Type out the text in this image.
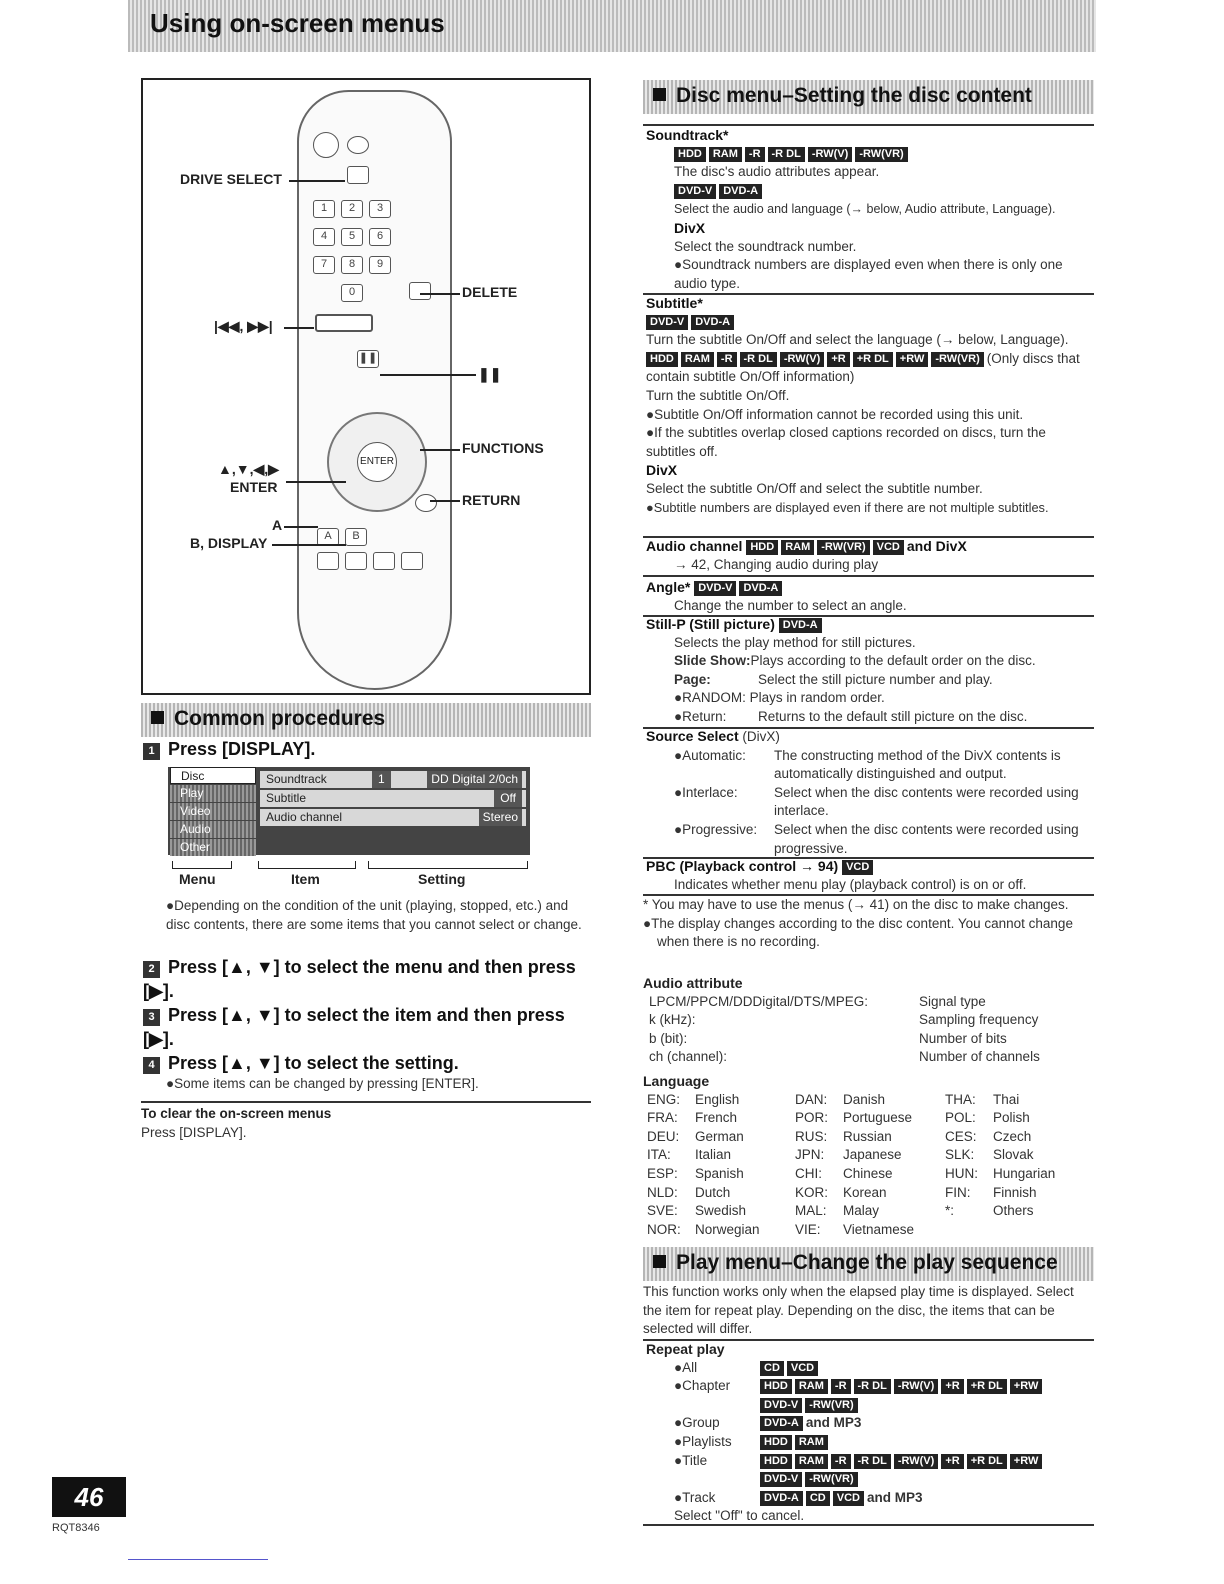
Using on-screen menus
1	2	3
4	5	6
7	8	9
0
❚❚
ENTER
A	B
DRIVE SELECT
DELETE
|◀◀, ▶▶|
❚❚
FUNCTIONS
▲,▼,◀,▶
ENTER
RETURN
A
B, DISPLAY
Common procedures
1 Press [DISPLAY].
Disc
Play
Video
Audio
Other
Soundtrack	1	DD Digital 2/0ch
Subtitle	Off
Audio channel	Stereo
Menu	Item	Setting
●Depending on the condition of the unit (playing, stopped, etc.) and disc contents, there are some items that you cannot select or change.
2 Press [▲, ▼] to select the menu and then press [▶].
3 Press [▲, ▼] to select the item and then press [▶].
4 Press [▲, ▼] to select the setting.
●Some items can be changed by pressing [ENTER].
To clear the on-screen menus
Press [DISPLAY].
Disc menu–Setting the disc content
Soundtrack*
HDD RAM -R -R DL -RW(V) -RW(VR)
The disc's audio attributes appear.
DVD-V DVD-A
Select the audio and language (→ below, Audio attribute, Language).
DivX
Select the soundtrack number.
●Soundtrack numbers are displayed even when there is only one audio type.
Subtitle*
DVD-V DVD-A
Turn the subtitle On/Off and select the language (→ below, Language).
HDD RAM -R -R DL -RW(V) +R +R DL +RW -RW(VR) (Only discs that contain subtitle On/Off information)
Turn the subtitle On/Off.
●Subtitle On/Off information cannot be recorded using this unit.
●If the subtitles overlap closed captions recorded on discs, turn the subtitles off.
DivX
Select the subtitle On/Off and select the subtitle number.
●Subtitle numbers are displayed even if there are not multiple subtitles.
Audio channel HDD RAM -RW(VR) VCD and DivX
→ 42, Changing audio during play
Angle* DVD-V DVD-A
Change the number to select an angle.
Still-P (Still picture) DVD-A
Selects the play method for still pictures.
Slide Show:Plays according to the default order on the disc.
Page:	Select the still picture number and play.
●RANDOM: Plays in random order.
●Return: Returns to the default still picture on the disc.
Source Select (DivX)
●Automatic:	The constructing method of the DivX contents is automatically distinguished and output.
●Interlace:	Select when the disc contents were recorded using interlace.
●Progressive:	Select when the disc contents were recorded using progressive.
PBC (Playback control → 94) VCD
Indicates whether menu play (playback control) is on or off.
* You may have to use the menus (→ 41) on the disc to make changes.
●The display changes according to the disc content. You cannot change when there is no recording.
Audio attribute
LPCM/PPCM/DDDigital/DTS/MPEG:	Signal type
k (kHz):	Sampling frequency
b (bit):	Number of bits
ch (channel):	Number of channels
Language
ENG:	English	DAN:	Danish	THA:	Thai
FRA:	French	POR:	Portuguese	POL:	Polish
DEU:	German	RUS:	Russian	CES:	Czech
ITA:	Italian	JPN:	Japanese	SLK:	Slovak
ESP:	Spanish	CHI:	Chinese	HUN:	Hungarian
NLD:	Dutch	KOR:	Korean	FIN:	Finnish
SVE:	Swedish	MAL:	Malay	*:	Others
NOR:	Norwegian	VIE:	Vietnamese		
Play menu–Change the play sequence
This function works only when the elapsed play time is displayed. Select the item for repeat play. Depending on the disc, the items that can be selected will differ.
Repeat play
●All	CD VCD
●Chapter	HDD RAM -R -R DL -RW(V) +R +R DL +RW
DVD-V -RW(VR)
●Group	DVD-A and MP3
●Playlists	HDD RAM
●Title	HDD RAM -R -R DL -RW(V) +R +R DL +RW
DVD-V -RW(VR)
●Track	DVD-A CD VCD and MP3
Select "Off" to cancel.
46
RQT8346
